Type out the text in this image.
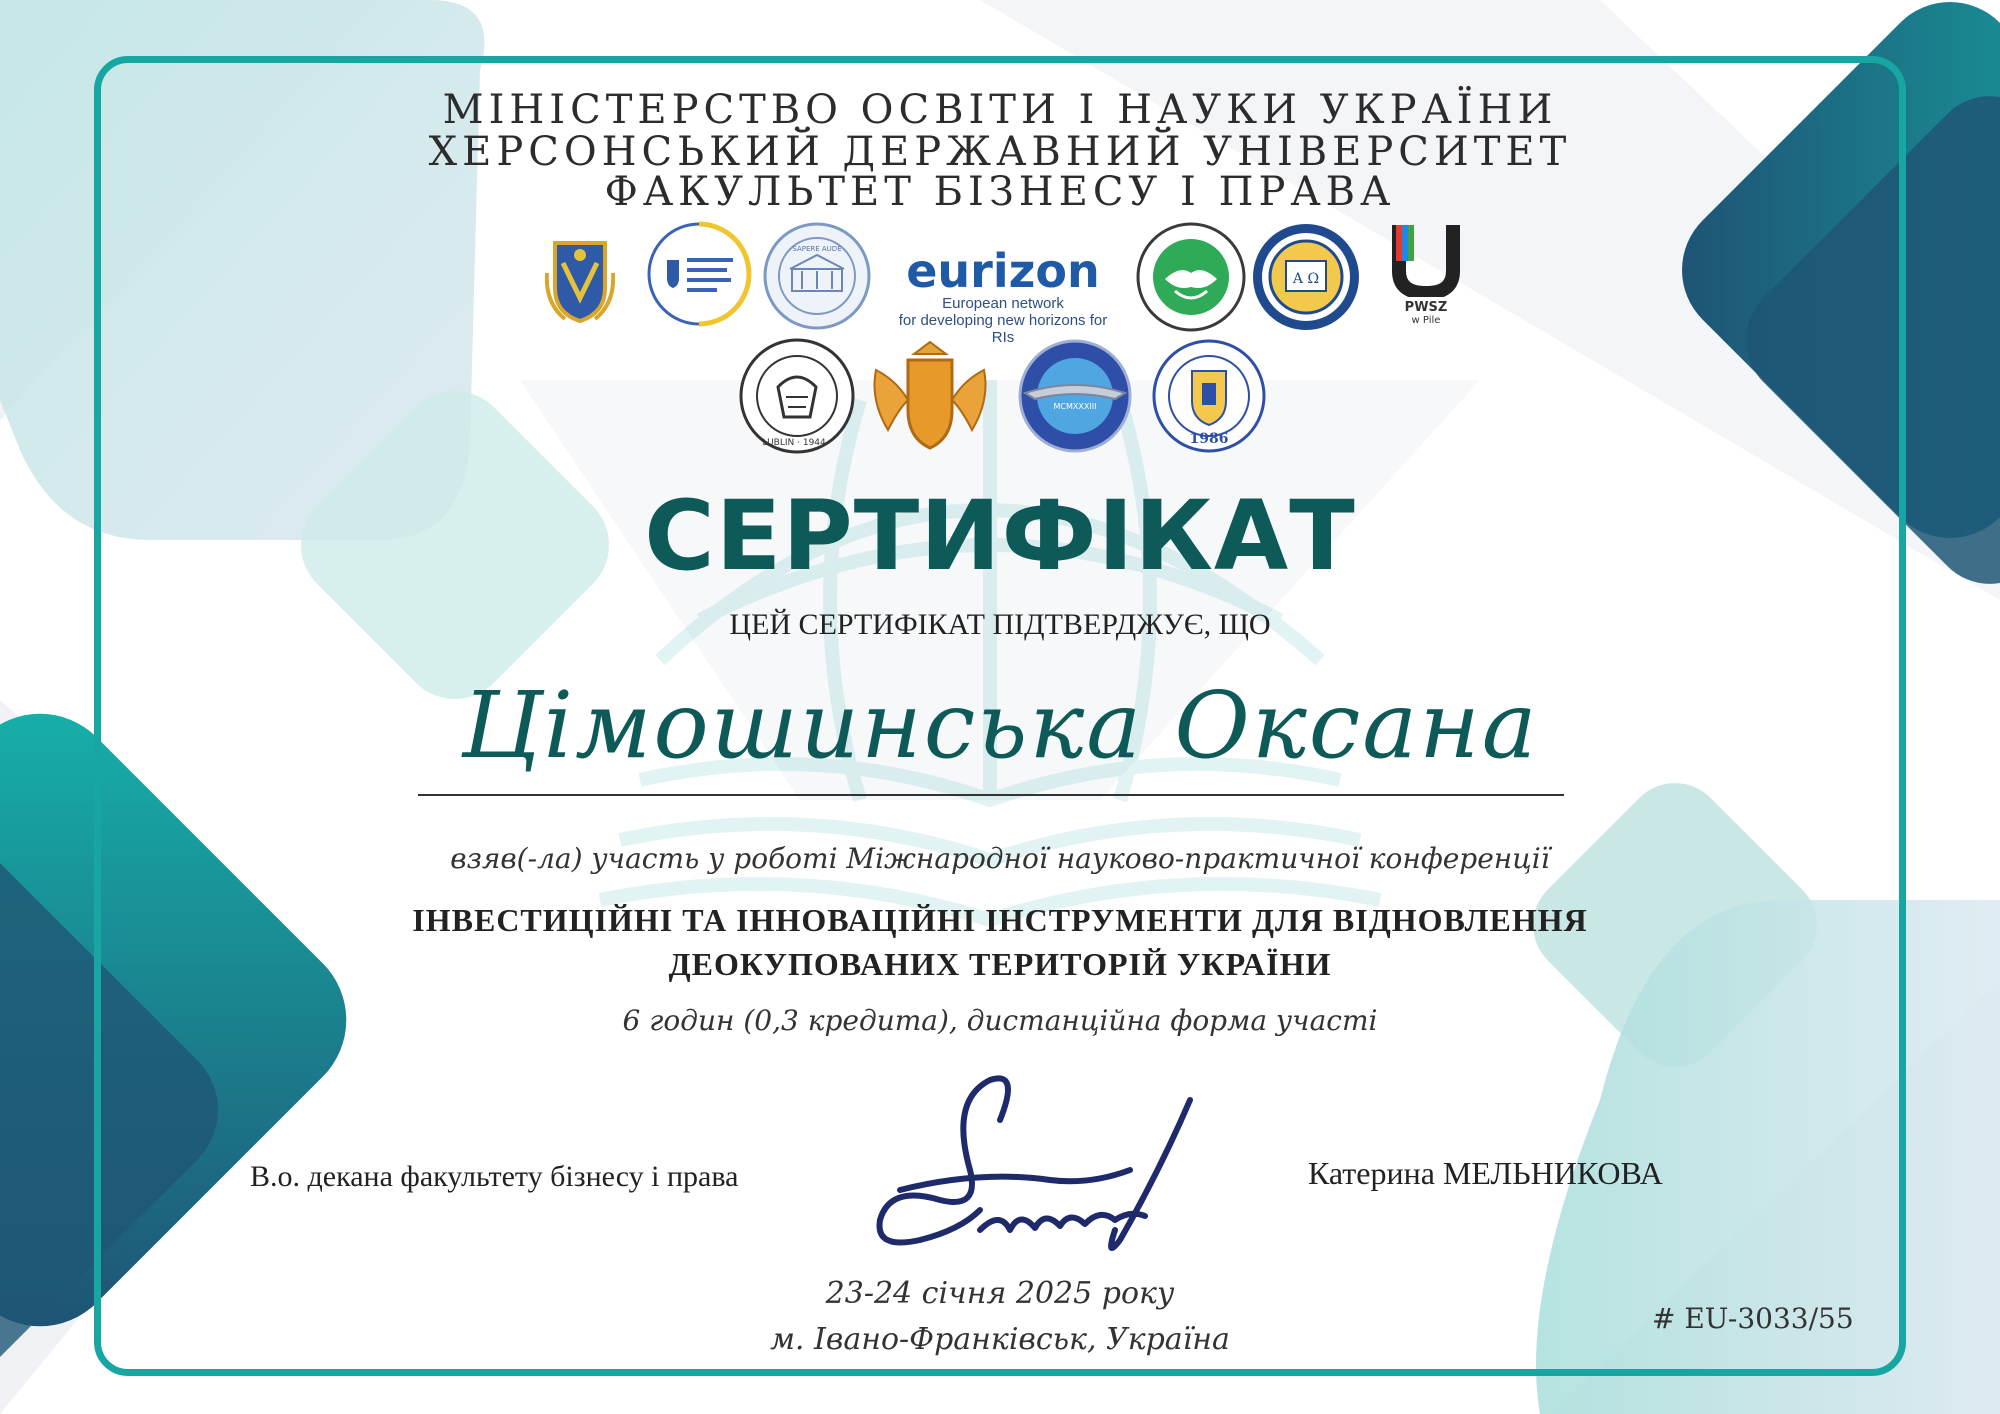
МІНІСТЕРСТВО ОСВІТИ І НАУКИ УКРАЇНИ
ХЕРСОНСЬКИЙ ДЕРЖАВНИЙ УНІВЕРСИТЕТ
ФАКУЛЬТЕТ БІЗНЕСУ І ПРАВА
SAPERE AUDE	eurizon
European network
for developing new horizons for RIs
Α Ω
PWSZ
w Pile
LUBLIN · 1944 ·
MCMXXXIII
1986
СЕРТИФІКАТ
ЦЕЙ СЕРТИФІКАТ ПІДТВЕРДЖУЄ, ЩО
Цімошинська Оксана
взяв(-ла) участь у роботі Міжнародної науково-практичної конференції
ІНВЕСТИЦІЙНІ ТА ІННОВАЦІЙНІ ІНСТРУМЕНТИ ДЛЯ ВІДНОВЛЕННЯ
ДЕОКУПОВАНИХ ТЕРИТОРІЙ УКРАЇНИ
6 годин (0,3 кредита), дистанційна форма участі
В.о. декана факультету бізнесу і права	Катерина МЕЛЬНИКОВА
23-24 січня 2025 року
м. Івано-Франківськ, Україна
# EU-3033/55
